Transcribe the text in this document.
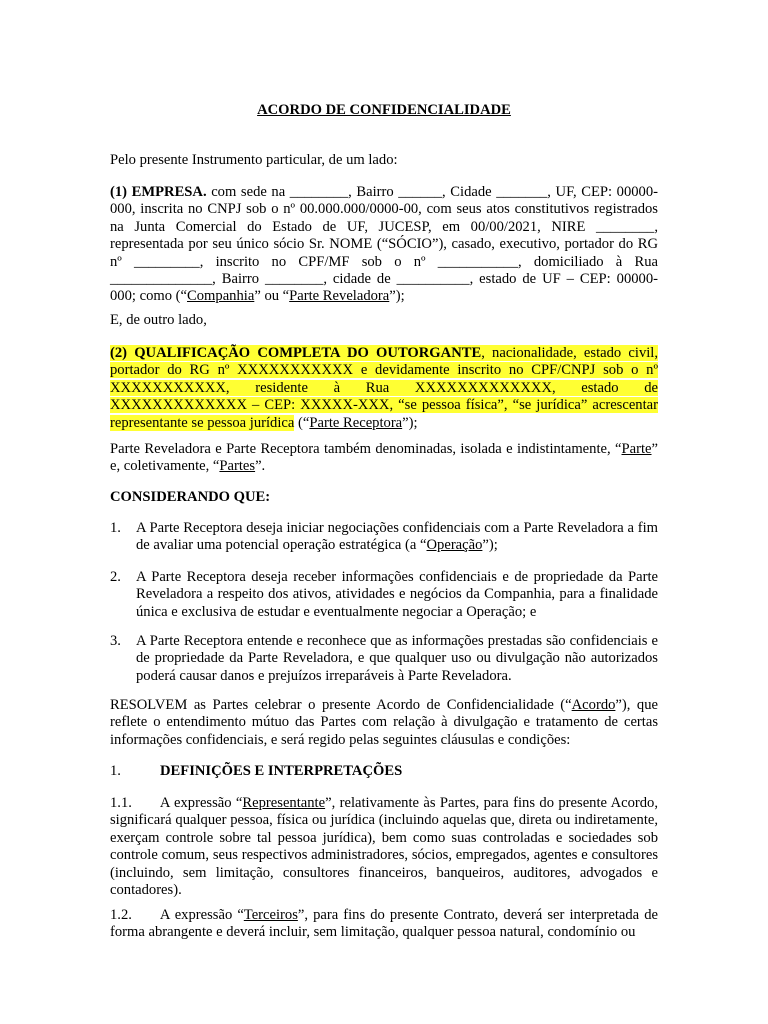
ACORDO DE CONFIDENCIALIDADE

Pelo presente Instrumento particular, de um lado:

(1) EMPRESA. com sede na ________, Bairro ______, Cidade _______, UF, CEP: 00000-000, inscrita no CNPJ sob o nº 00.000.000/0000-00, com seus atos constitutivos registrados na Junta Comercial do Estado de UF, JUCESP, em 00/00/2021, NIRE ________, representada por seu único sócio Sr. NOME (“SÓCIO”), casado, executivo, portador do RG nº _________, inscrito no CPF/MF sob o nº ___________, domiciliado à Rua ______________, Bairro ________, cidade de __________, estado de UF – CEP: 00000-000; como (“Companhia” ou “Parte Reveladora”);

E, de outro lado,

(2) QUALIFICAÇÃO COMPLETA DO OUTORGANTE, nacionalidade, estado civil, portador do RG nº XXXXXXXXXXX e devidamente inscrito no CPF/CNPJ sob o nº XXXXXXXXXXX, residente à Rua XXXXXXXXXXXXX, estado de XXXXXXXXXXXXX – CEP: XXXXX-XXX, “se pessoa física”, “se jurídica” acrescentar representante se pessoa jurídica (“Parte Receptora”);

Parte Reveladora e Parte Receptora também denominadas, isolada e indistintamente, “Parte” e, coletivamente, “Partes”.

CONSIDERANDO QUE:

1. A Parte Receptora deseja iniciar negociações confidenciais com a Parte Reveladora a fim de avaliar uma potencial operação estratégica (a “Operação”);
2. A Parte Receptora deseja receber informações confidenciais e de propriedade da Parte Reveladora a respeito dos ativos, atividades e negócios da Companhia, para a finalidade única e exclusiva de estudar e eventualmente negociar a Operação; e
3. A Parte Receptora entende e reconhece que as informações prestadas são confidenciais e de propriedade da Parte Reveladora, e que qualquer uso ou divulgação não autorizados poderá causar danos e prejuízos irreparáveis à Parte Reveladora.

RESOLVEM as Partes celebrar o presente Acordo de Confidencialidade (“Acordo”), que reflete o entendimento mútuo das Partes com relação à divulgação e tratamento de certas informações confidenciais, e será regido pelas seguintes cláusulas e condições:

1.	DEFINIÇÕES E INTERPRETAÇÕES

1.1. A expressão “Representante”, relativamente às Partes, para fins do presente Acordo, significará qualquer pessoa, física ou jurídica (incluindo aquelas que, direta ou indiretamente, exerçam controle sobre tal pessoa jurídica), bem como suas controladas e sociedades sob controle comum, seus respectivos administradores, sócios, empregados, agentes e consultores (incluindo, sem limitação, consultores financeiros, banqueiros, auditores, advogados e contadores).

1.2. A expressão “Terceiros”, para fins do presente Contrato, deverá ser interpretada de forma abrangente e deverá incluir, sem limitação, qualquer pessoa natural, condomínio ou
